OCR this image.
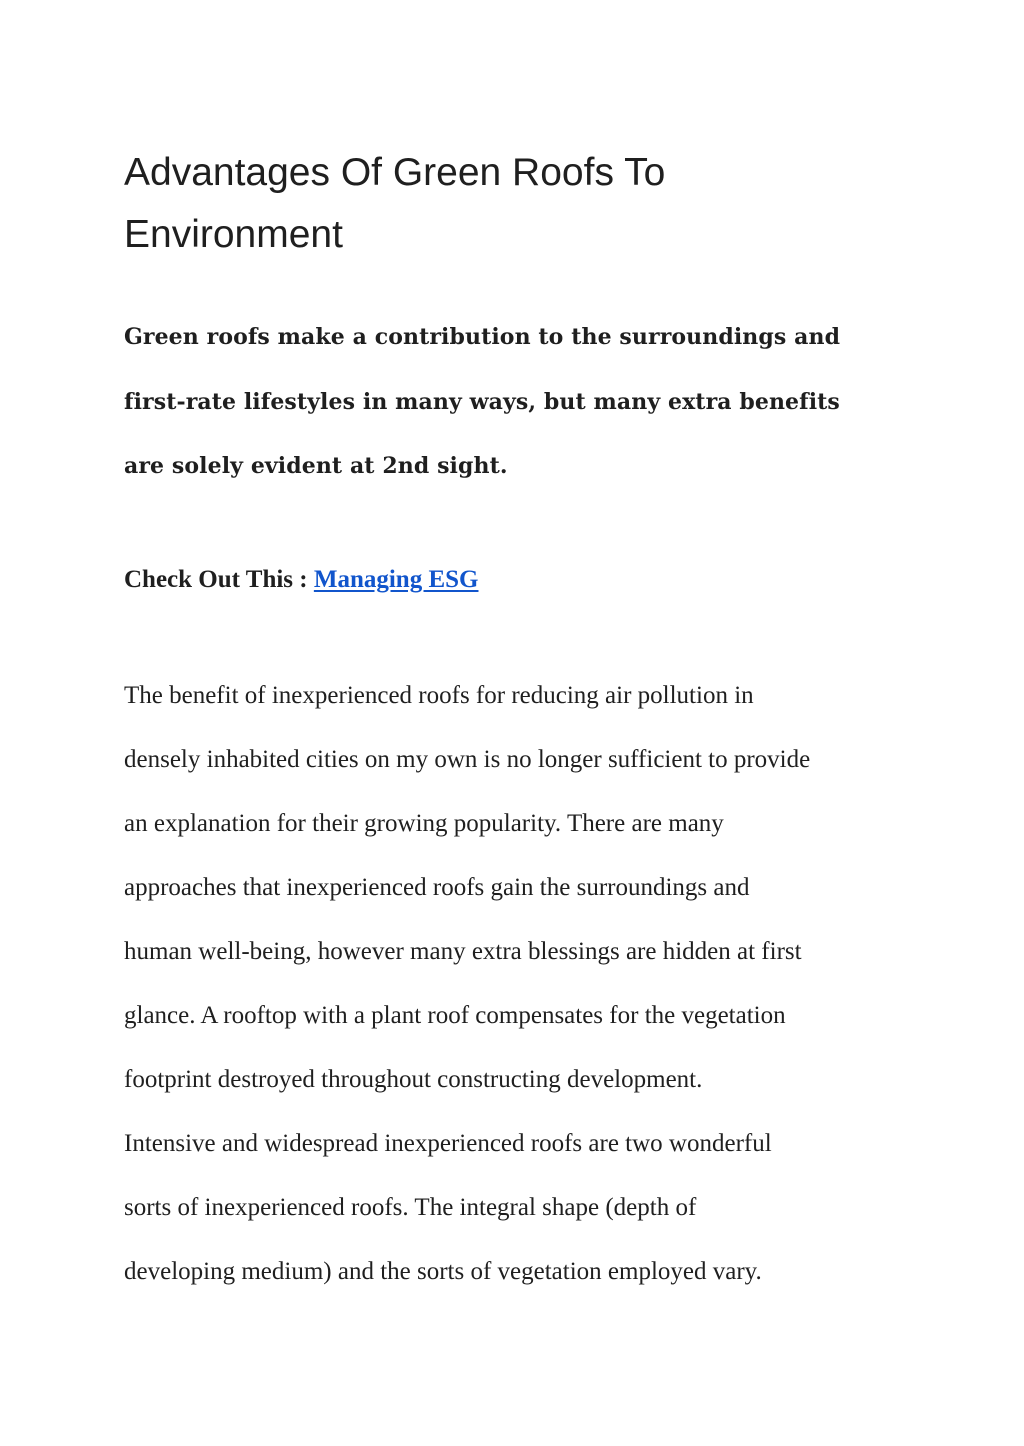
Advantages Of Green Roofs To
Environment

Green roofs make a contribution to the surroundings and
first-rate lifestyles in many ways, but many extra benefits
are solely evident at 2nd sight.

Check Out This : Managing ESG

The benefit of inexperienced roofs for reducing air pollution in
densely inhabited cities on my own is no longer sufficient to provide
an explanation for their growing popularity. There are many
approaches that inexperienced roofs gain the surroundings and
human well-being, however many extra blessings are hidden at first
glance. A rooftop with a plant roof compensates for the vegetation
footprint destroyed throughout constructing development.
Intensive and widespread inexperienced roofs are two wonderful
sorts of inexperienced roofs. The integral shape (depth of
developing medium) and the sorts of vegetation employed vary.
